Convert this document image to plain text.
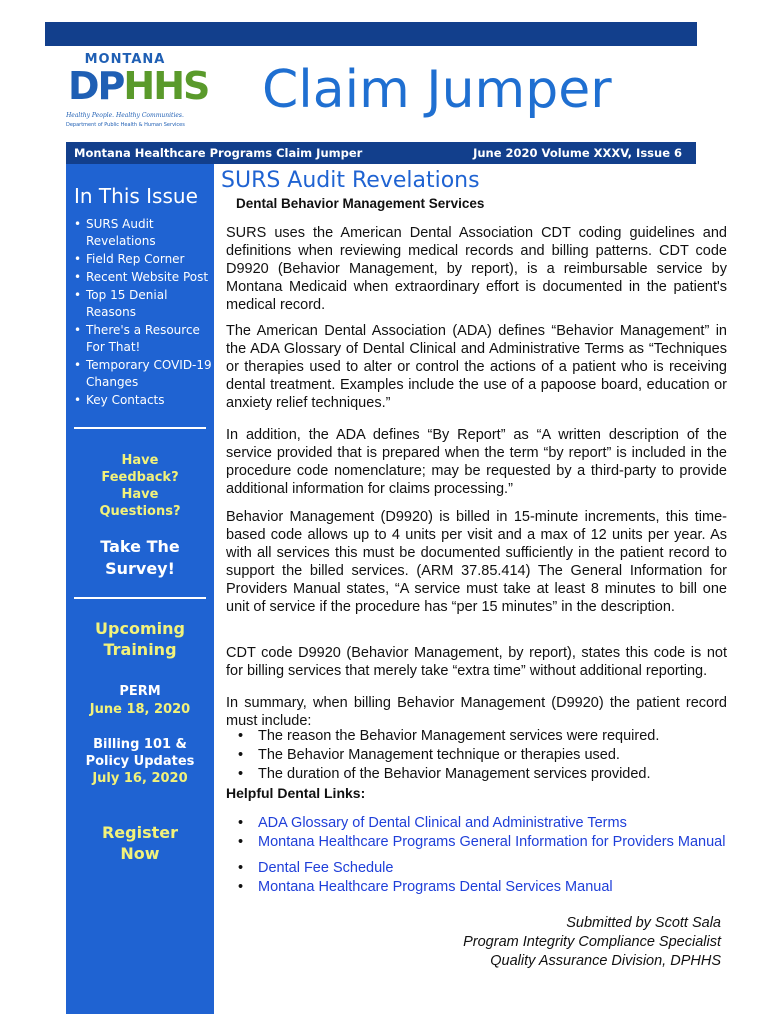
MONTANA
DPHHS
Healthy People. Healthy Communities.
Department of Public Health & Human Services
Claim Jumper
Montana Healthcare Programs Claim Jumper	June 2020 Volume XXXV, Issue 6
In This Issue
• SURS Audit Revelations
• Field Rep Corner
• Recent Website Post
• Top 15 Denial Reasons
• There's a Resource For That!
• Temporary COVID-19 Changes
• Key Contacts
Have
Feedback?
Have
Questions?
Take The
Survey!
Upcoming
Training
PERM
June 18, 2020
Billing 101 &
Policy Updates
July 16, 2020
Register
Now
SURS Audit Revelations
Dental Behavior Management Services

SURS uses the American Dental Association CDT coding guidelines and definitions when reviewing medical records and billing patterns. CDT code D9920 (Behavior Management, by report), is a reimbursable service by Montana Medicaid when extraordinary effort is documented in the patient's medical record.

The American Dental Association (ADA) defines “Behavior Management” in the ADA Glossary of Dental Clinical and Administrative Terms as “Techniques or therapies used to alter or control the actions of a patient who is receiving dental treatment. Examples include the use of a papoose board, education or anxiety relief techniques.”

In addition, the ADA defines “By Report” as “A written description of the service provided that is prepared when the term “by report” is included in the procedure code nomenclature; may be requested by a third-party to provide additional information for claims processing.”

Behavior Management (D9920) is billed in 15-minute increments, this time-based code allows up to 4 units per visit and a max of 12 units per year. As with all services this must be documented sufficiently in the patient record to support the billed services. (ARM 37.85.414) The General Information for Providers Manual states, “A service must take at least 8 minutes to bill one unit of service if the procedure has “per 15 minutes” in the description.

CDT code D9920 (Behavior Management, by report), states this code is not for billing services that merely take “extra time” without additional reporting.

In summary, when billing Behavior Management (D9920) the patient record must include:

• The reason the Behavior Management services were required.
• The Behavior Management technique or therapies used.
• The duration of the Behavior Management services provided.
Helpful Dental Links:
• ADA Glossary of Dental Clinical and Administrative Terms
• Montana Healthcare Programs General Information for Providers Manual
• Dental Fee Schedule
• Montana Healthcare Programs Dental Services Manual
Submitted by Scott Sala
Program Integrity Compliance Specialist
Quality Assurance Division, DPHHS
